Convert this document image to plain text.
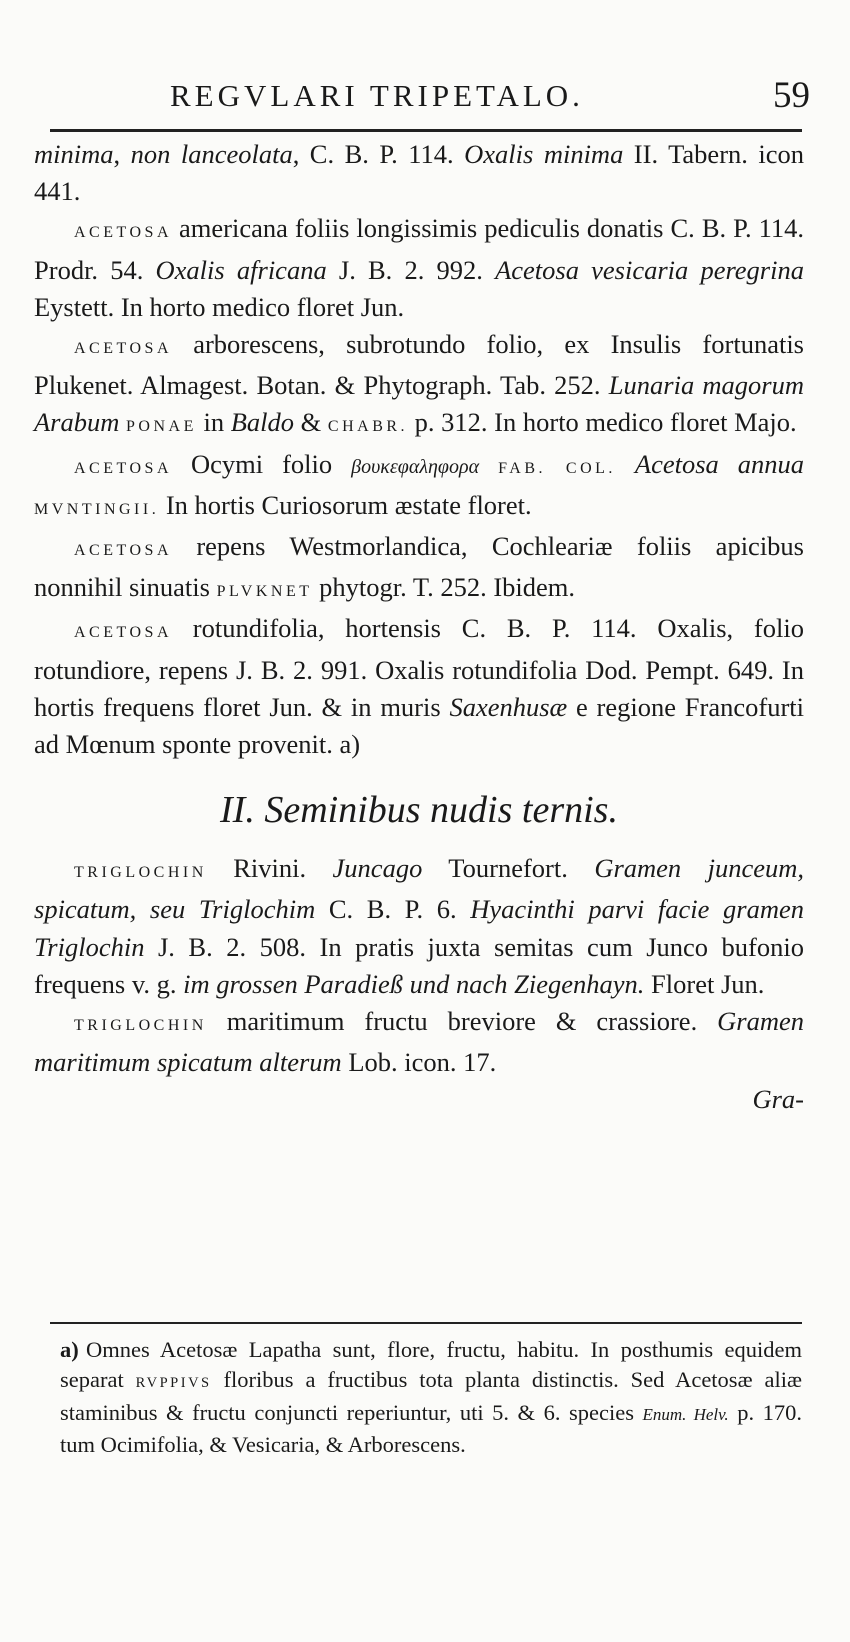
REGVLARI TRIPETALO.	59

minima, non lanceolata, C. B. P. 114. Oxalis minima II. Tabern. icon 441.

ACETOSA americana foliis longissimis pediculis donatis C. B. P. 114. Prodr. 54. Oxalis africana J. B. 2. 992. Acetosa vesicaria peregrina Eystett. In horto medico floret Jun.

ACETOSA arborescens, subrotundo folio, ex Insulis fortunatis Plukenet. Almagest. Botan. & Phytograph. Tab. 252. Lunaria magorum Arabum PONAE in Baldo & CHABR. p. 312. In horto medico floret Majo.

ACETOSA Ocymi folio βουκεφαληφορα FAB. COL. Acetosa annua MVNTINGII. In hortis Curiosorum æstate floret.

ACETOSA repens Westmorlandica, Cochleariæ foliis apicibus nonnihil sinuatis PLVKNET phytogr. T. 252. Ibidem.

ACETOSA rotundifolia, hortensis C. B. P. 114. Oxalis, folio rotundiore, repens J. B. 2. 991. Oxalis rotundifolia Dod. Pempt. 649. In hortis frequens floret Jun. & in muris Saxenhusæ e regione Francofurti ad Mœnum sponte provenit. a)

II. Seminibus nudis ternis.

TRIGLOCHIN Rivini. Juncago Tournefort. Gramen junceum, spicatum, seu Triglochim C. B. P. 6. Hyacinthi parvi facie gramen Triglochin J. B. 2. 508. In pratis juxta semitas cum Junco bufonio frequens v. g. im grossen Paradieß und nach Ziegenhayn. Floret Jun.

TRIGLOCHIN maritimum fructu breviore & crassiore. Gramen maritimum spicatum alterum Lob. icon. 17.

Gra-

a) Omnes Acetosæ Lapatha sunt, flore, fructu, habitu. In posthumis equidem separat RVPPIVS floribus a fructibus tota planta distinctis. Sed Acetosæ aliæ staminibus & fructu conjuncti reperiuntur, uti 5. & 6. species Enum. Helv. p. 170. tum Ocimifolia, & Vesicaria, & Arborescens.
